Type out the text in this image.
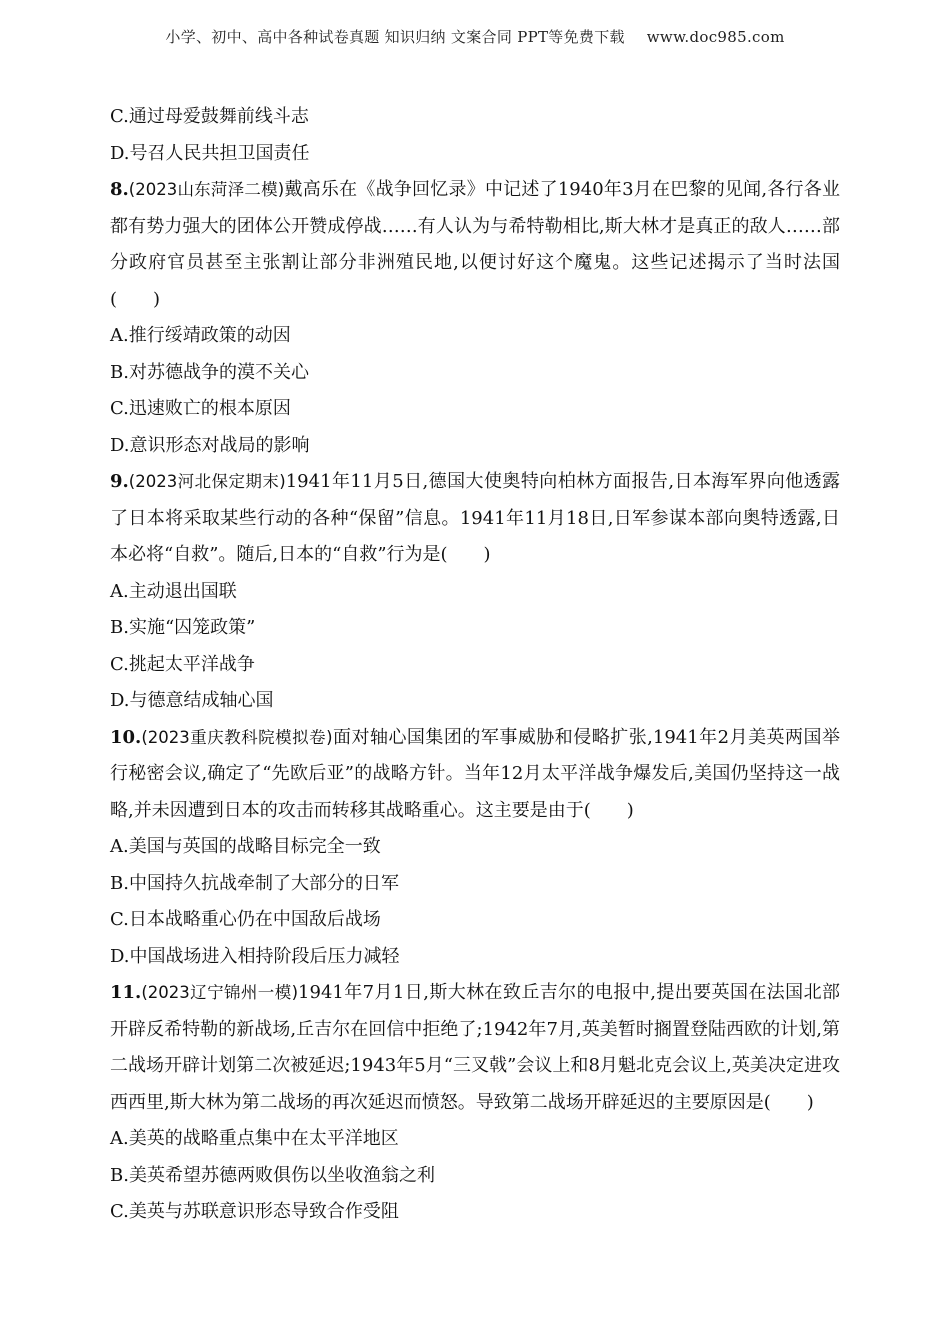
小学、初中、高中各种试卷真题 知识归纳 文案合同 PPT等免费下载 www.doc985.com

C.通过母爱鼓舞前线斗志

D.号召人民共担卫国责任

8.(2023山东菏泽二模)戴高乐在《战争回忆录》中记述了1940年3月在巴黎的见闻,各行各业都有势力强大的团体公开赞成停战……有人认为与希特勒相比,斯大林才是真正的敌人……部分政府官员甚至主张割让部分非洲殖民地,以便讨好这个魔鬼。这些记述揭示了当时法国(　　)

A.推行绥靖政策的动因

B.对苏德战争的漠不关心

C.迅速败亡的根本原因

D.意识形态对战局的影响

9.(2023河北保定期末)1941年11月5日,德国大使奥特向柏林方面报告,日本海军界向他透露了日本将采取某些行动的各种“保留”信息。1941年11月18日,日军参谋本部向奥特透露,日本必将“自救”。随后,日本的“自救”行为是(　　)

A.主动退出国联

B.实施“囚笼政策”

C.挑起太平洋战争

D.与德意结成轴心国

10.(2023重庆教科院模拟卷)面对轴心国集团的军事威胁和侵略扩张,1941年2月美英两国举行秘密会议,确定了“先欧后亚”的战略方针。当年12月太平洋战争爆发后,美国仍坚持这一战略,并未因遭到日本的攻击而转移其战略重心。这主要是由于(　　)

A.美国与英国的战略目标完全一致

B.中国持久抗战牵制了大部分的日军

C.日本战略重心仍在中国敌后战场

D.中国战场进入相持阶段后压力减轻

11.(2023辽宁锦州一模)1941年7月1日,斯大林在致丘吉尔的电报中,提出要英国在法国北部开辟反希特勒的新战场,丘吉尔在回信中拒绝了;1942年7月,英美暂时搁置登陆西欧的计划,第二战场开辟计划第二次被延迟;1943年5月“三叉戟”会议上和8月魁北克会议上,英美决定进攻西西里,斯大林为第二战场的再次延迟而愤怒。导致第二战场开辟延迟的主要原因是(　　)

A.美英的战略重点集中在太平洋地区

B.美英希望苏德两败俱伤以坐收渔翁之利

C.美英与苏联意识形态导致合作受阻
